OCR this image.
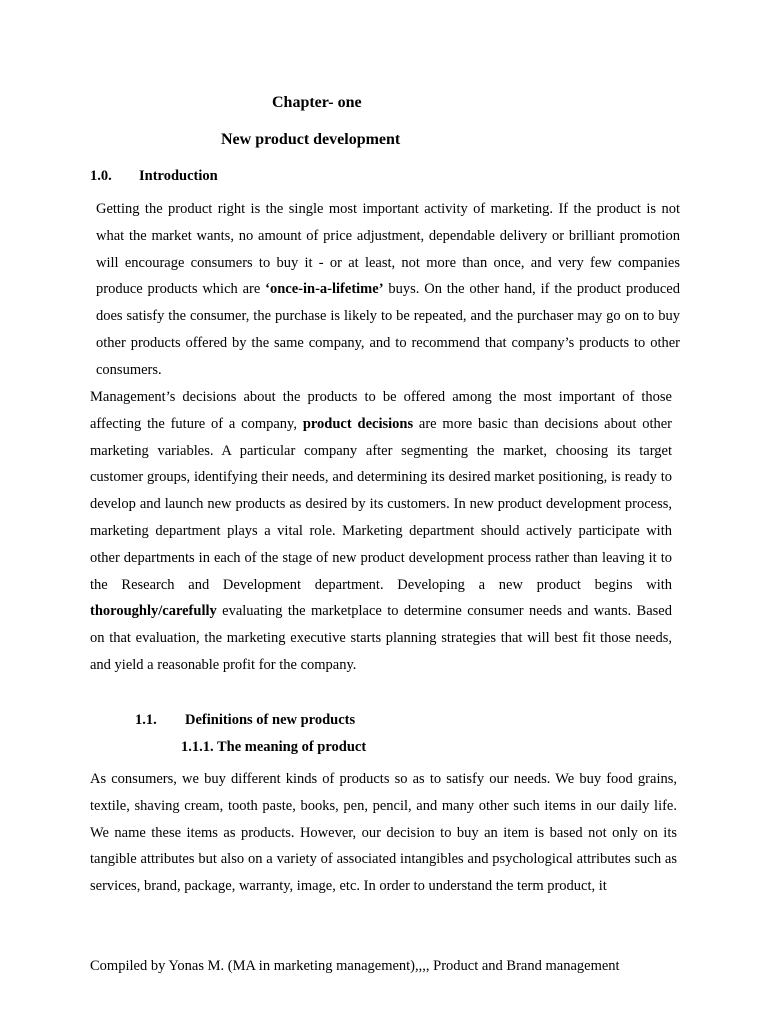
Chapter- one
New product development
1.0. Introduction
Getting the product right is the single most important activity of marketing. If the product is not what the market wants, no amount of price adjustment, dependable delivery or brilliant promotion will encourage consumers to buy it - or at least, not more than once, and very few companies produce products which are ‘once-in-a-lifetime’ buys. On the other hand, if the product produced does satisfy the consumer, the purchase is likely to be repeated, and the purchaser may go on to buy other products offered by the same company, and to recommend that company’s products to other consumers.
Management’s decisions about the products to be offered among the most important of those affecting the future of a company, product decisions are more basic than decisions about other marketing variables. A particular company after segmenting the market, choosing its target customer groups, identifying their needs, and determining its desired market positioning, is ready to develop and launch new products as desired by its customers. In new product development process, marketing department plays a vital role. Marketing department should actively participate with other departments in each of the stage of new product development process rather than leaving it to the Research and Development department. Developing a new product begins with thoroughly/carefully evaluating the marketplace to determine consumer needs and wants. Based on that evaluation, the marketing executive starts planning strategies that will best fit those needs, and yield a reasonable profit for the company.
1.1. Definitions of new products
1.1.1. The meaning of product
As consumers, we buy different kinds of products so as to satisfy our needs. We buy food grains, textile, shaving cream, tooth paste, books, pen, pencil, and many other such items in our daily life. We name these items as products. However, our decision to buy an item is based not only on its tangible attributes but also on a variety of associated intangibles and psychological attributes such as services, brand, package, warranty, image, etc. In order to understand the term product, it
Compiled by Yonas M. (MA in marketing management),,,, Product and Brand management
